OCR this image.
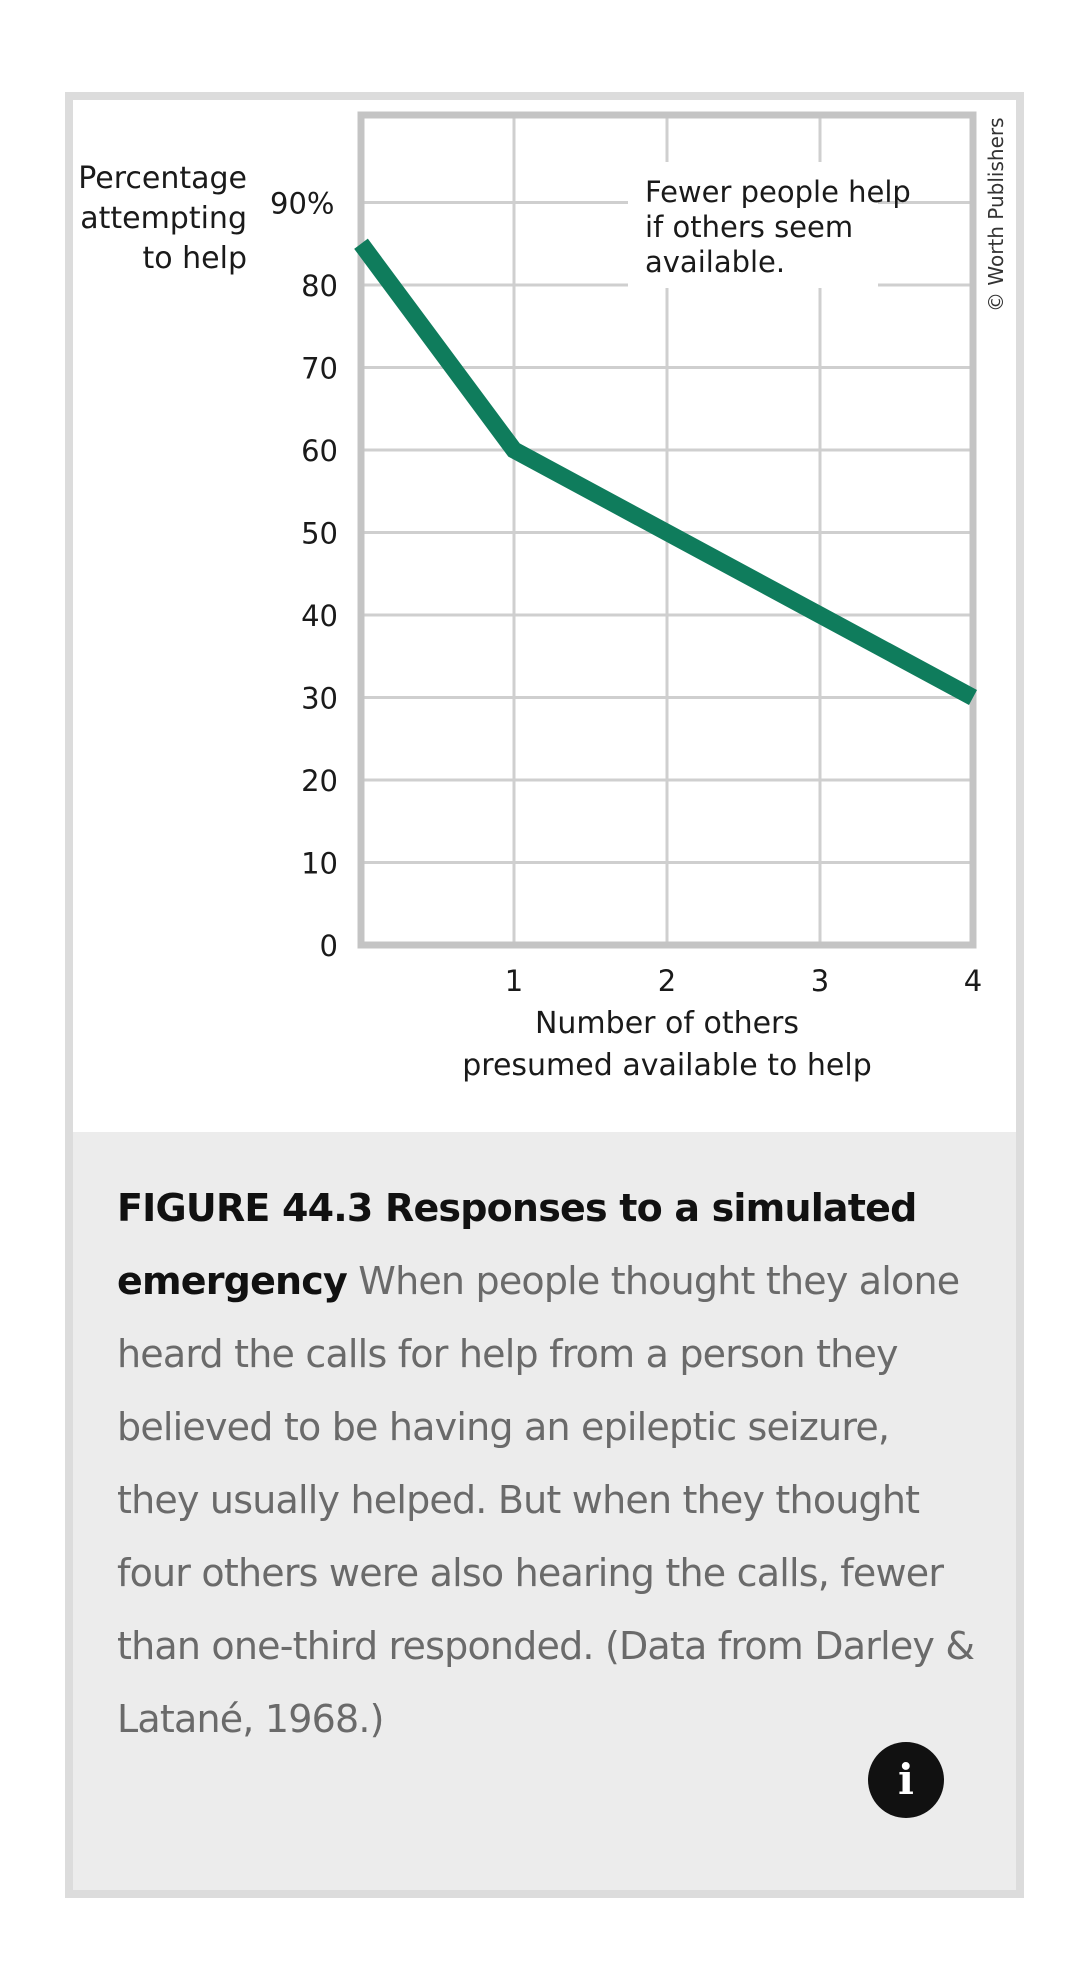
Fewer people help
if others seem
available.
0
10
20
30
40
50
60
70
80
90%
1	2	3	4
Percentage
attempting
to help
Number of others
presumed available to help
© Worth Publishers

FIGURE 44.3 Responses to a simulated emergency When people thought they alone heard the calls for help from a person they believed to be having an epileptic seizure, they usually helped. But when they thought four others were also hearing the calls, fewer than one-third responded. (Data from Darley & Latané, 1968.)

i
